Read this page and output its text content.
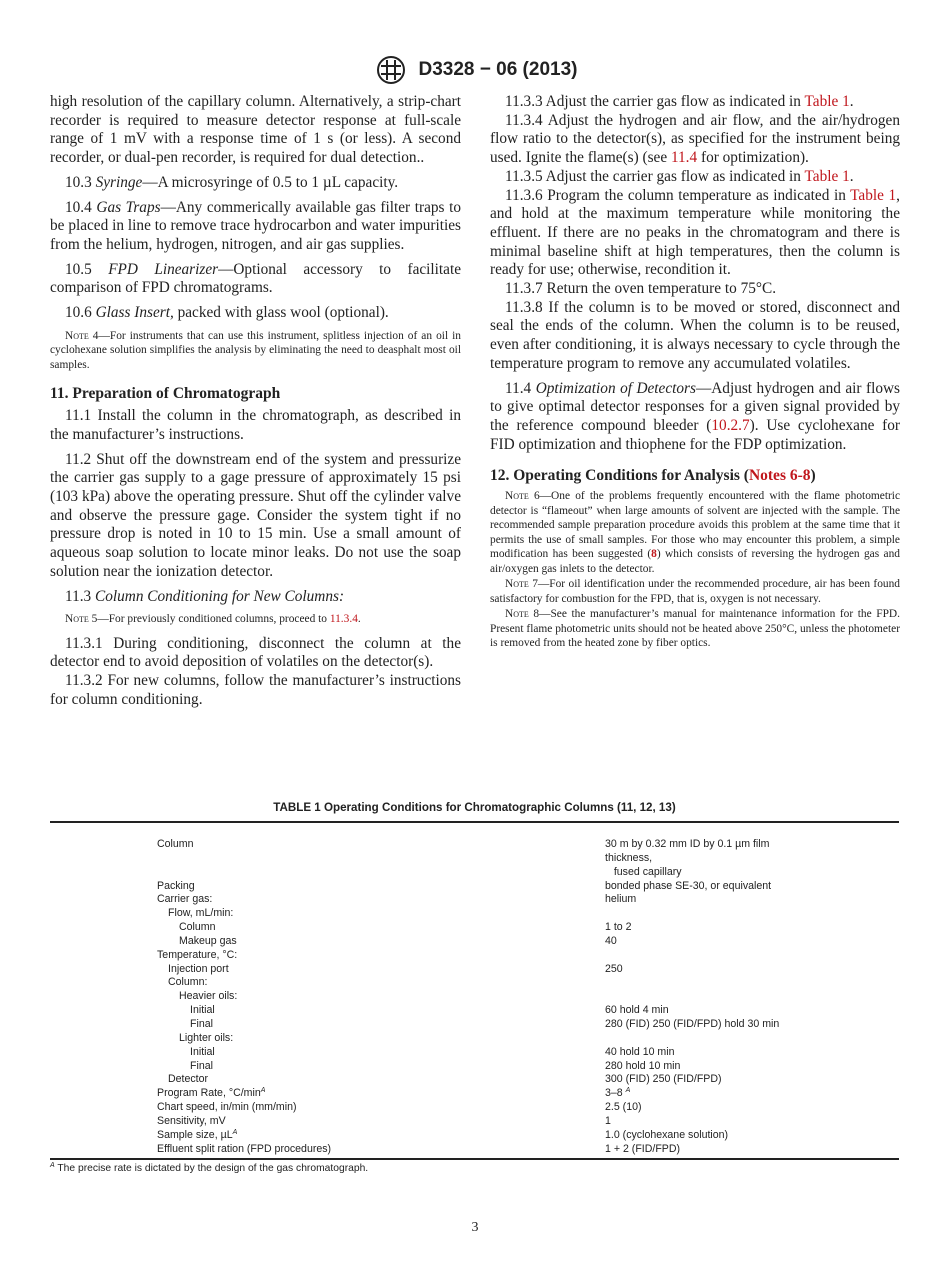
D3328 − 06 (2013)

high resolution of the capillary column. Alternatively, a strip-chart recorder is required to measure detector response at full-scale range of 1 mV with a response time of 1 s (or less). A second recorder, or dual-pen recorder, is required for dual detection..

10.3 Syringe—A microsyringe of 0.5 to 1 µL capacity.

10.4 Gas Traps—Any commerically available gas filter traps to be placed in line to remove trace hydrocarbon and water impurities from the helium, hydrogen, nitrogen, and air gas supplies.

10.5 FPD Linearizer—Optional accessory to facilitate comparison of FPD chromatograms.

10.6 Glass Insert, packed with glass wool (optional).

Note 4—For instruments that can use this instrument, splitless injection of an oil in cyclohexane solution simplifies the analysis by eliminating the need to deasphalt most oil samples.

11. Preparation of Chromatograph

11.1 Install the column in the chromatograph, as described in the manufacturer’s instructions.

11.2 Shut off the downstream end of the system and pressurize the carrier gas supply to a gage pressure of approximately 15 psi (103 kPa) above the operating pressure. Shut off the cylinder valve and observe the pressure gage. Consider the system tight if no pressure drop is noted in 10 to 15 min. Use a small amount of aqueous soap solution to locate minor leaks. Do not use the soap solution near the ionization detector.

11.3 Column Conditioning for New Columns:

Note 5—For previously conditioned columns, proceed to 11.3.4.

11.3.1 During conditioning, disconnect the column at the detector end to avoid deposition of volatiles on the detector(s).

11.3.2 For new columns, follow the manufacturer’s instructions for column conditioning.

11.3.3 Adjust the carrier gas flow as indicated in Table 1.

11.3.4 Adjust the hydrogen and air flow, and the air/hydrogen flow ratio to the detector(s), as specified for the instrument being used. Ignite the flame(s) (see 11.4 for optimization).

11.3.5 Adjust the carrier gas flow as indicated in Table 1.

11.3.6 Program the column temperature as indicated in Table 1, and hold at the maximum temperature while monitoring the effluent. If there are no peaks in the chromatogram and there is minimal baseline shift at high temperatures, then the column is ready for use; otherwise, recondition it.

11.3.7 Return the oven temperature to 75°C.

11.3.8 If the column is to be moved or stored, disconnect and seal the ends of the column. When the column is to be reused, even after conditioning, it is always necessary to cycle through the temperature program to remove any accumulated volatiles.

11.4 Optimization of Detectors—Adjust hydrogen and air flows to give optimal detector responses for a given signal provided by the reference compound bleeder (10.2.7). Use cyclohexane for FID optimization and thiophene for the FDP optimization.

12. Operating Conditions for Analysis (Notes 6-8)

Note 6—One of the problems frequently encountered with the flame photometric detector is “flameout” when large amounts of solvent are injected with the sample. The recommended sample preparation procedure avoids this problem at the same time that it permits the use of small samples. For those who may encounter this problem, a simple modification has been suggested (8) which consists of reversing the hydrogen gas and air/oxygen gas inlets to the detector.

Note 7—For oil identification under the recommended procedure, air has been found satisfactory for combustion for the FPD, that is, oxygen is not necessary.

Note 8—See the manufacturer’s manual for maintenance information for the FPD. Present flame photometric units should not be heated above 250°C, unless the photometer is removed from the heated zone by fiber optics.

TABLE 1 Operating Conditions for Chromatographic Columns (11, 12, 13)
Column	30 m by 0.32 mm ID by 0.1 µm film
	thickness,
	fused capillary
Packing	bonded phase SE-30, or equivalent
Carrier gas:	helium
Flow, mL/min:	
Column	1 to 2
Makeup gas	40
Temperature, °C:	
Injection port	250
Column:	
Heavier oils:	
Initial	60 hold 4 min
Final	280 (FID) 250 (FID/FPD) hold 30 min
Lighter oils:	
Initial	40 hold 10 min
Final	280 hold 10 min
Detector	300 (FID) 250 (FID/FPD)
Program Rate, $^\circ C/\min^A$	3–8 $^A$
Chart speed, in/min (mm/min)	2.5 (10)
Sensitivity, mV	1
Sample size, µL$^A$	1.0 (cyclohexane solution)
Effluent split ration (FPD procedures)	1 + 2 (FID/FPD)
$^A$ The precise rate is dictated by the design of the gas chromatograph.
3
